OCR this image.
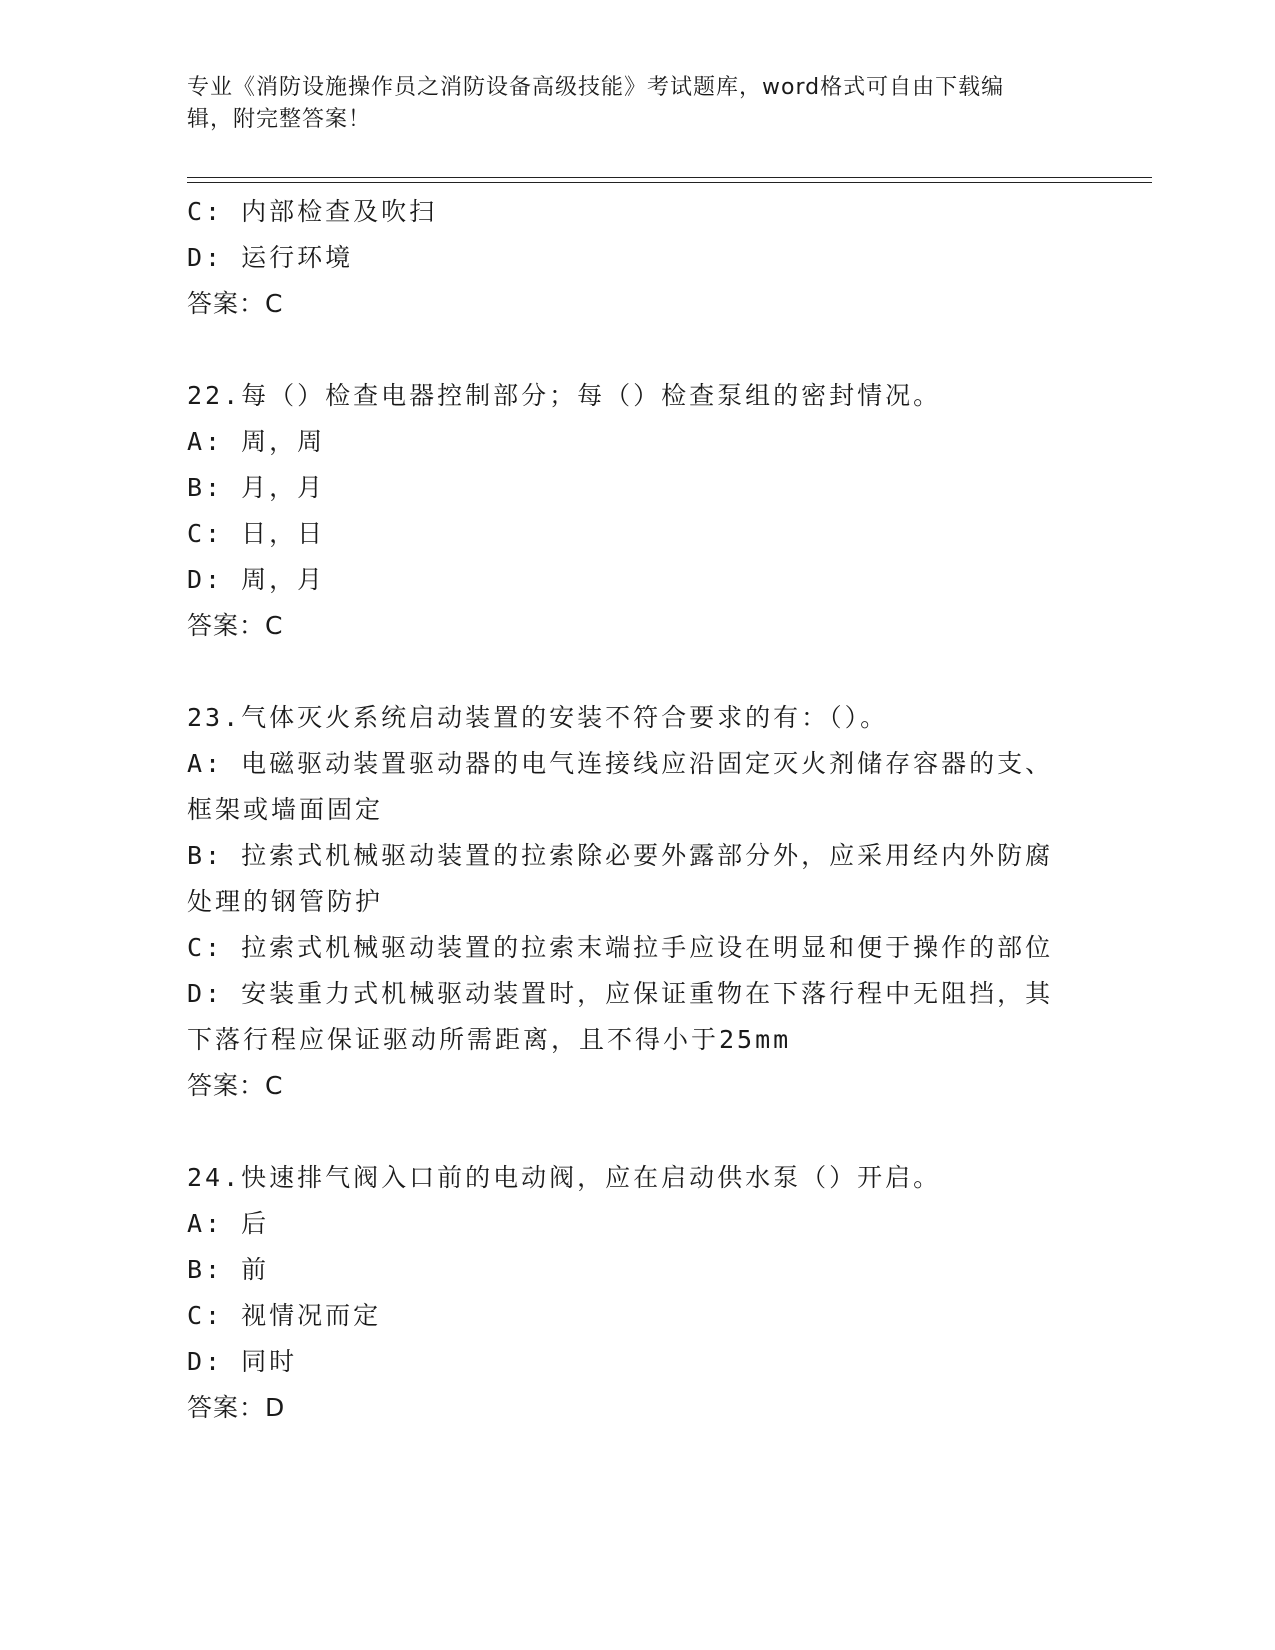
专业《消防设施操作员之消防设备高级技能》考试题库，word格式可自由下载编
辑，附完整答案！
C: 内部检查及吹扫
D: 运行环境
答案：C
22.每（）检查电器控制部分；每（）检查泵组的密封情况。
A: 周，周
B: 月，月
C: 日，日
D: 周，月
答案：C
23.气体灭火系统启动装置的安装不符合要求的有：（）。
A: 电磁驱动装置驱动器的电气连接线应沿固定灭火剂储存容器的支、
框架或墙面固定
B: 拉索式机械驱动装置的拉索除必要外露部分外，应采用经内外防腐
处理的钢管防护
C: 拉索式机械驱动装置的拉索末端拉手应设在明显和便于操作的部位
D: 安装重力式机械驱动装置时，应保证重物在下落行程中无阻挡，其
下落行程应保证驱动所需距离，且不得小于25mm
答案：C
24.快速排气阀入口前的电动阀，应在启动供水泵（）开启。
A: 后
B: 前
C: 视情况而定
D: 同时
答案：D
